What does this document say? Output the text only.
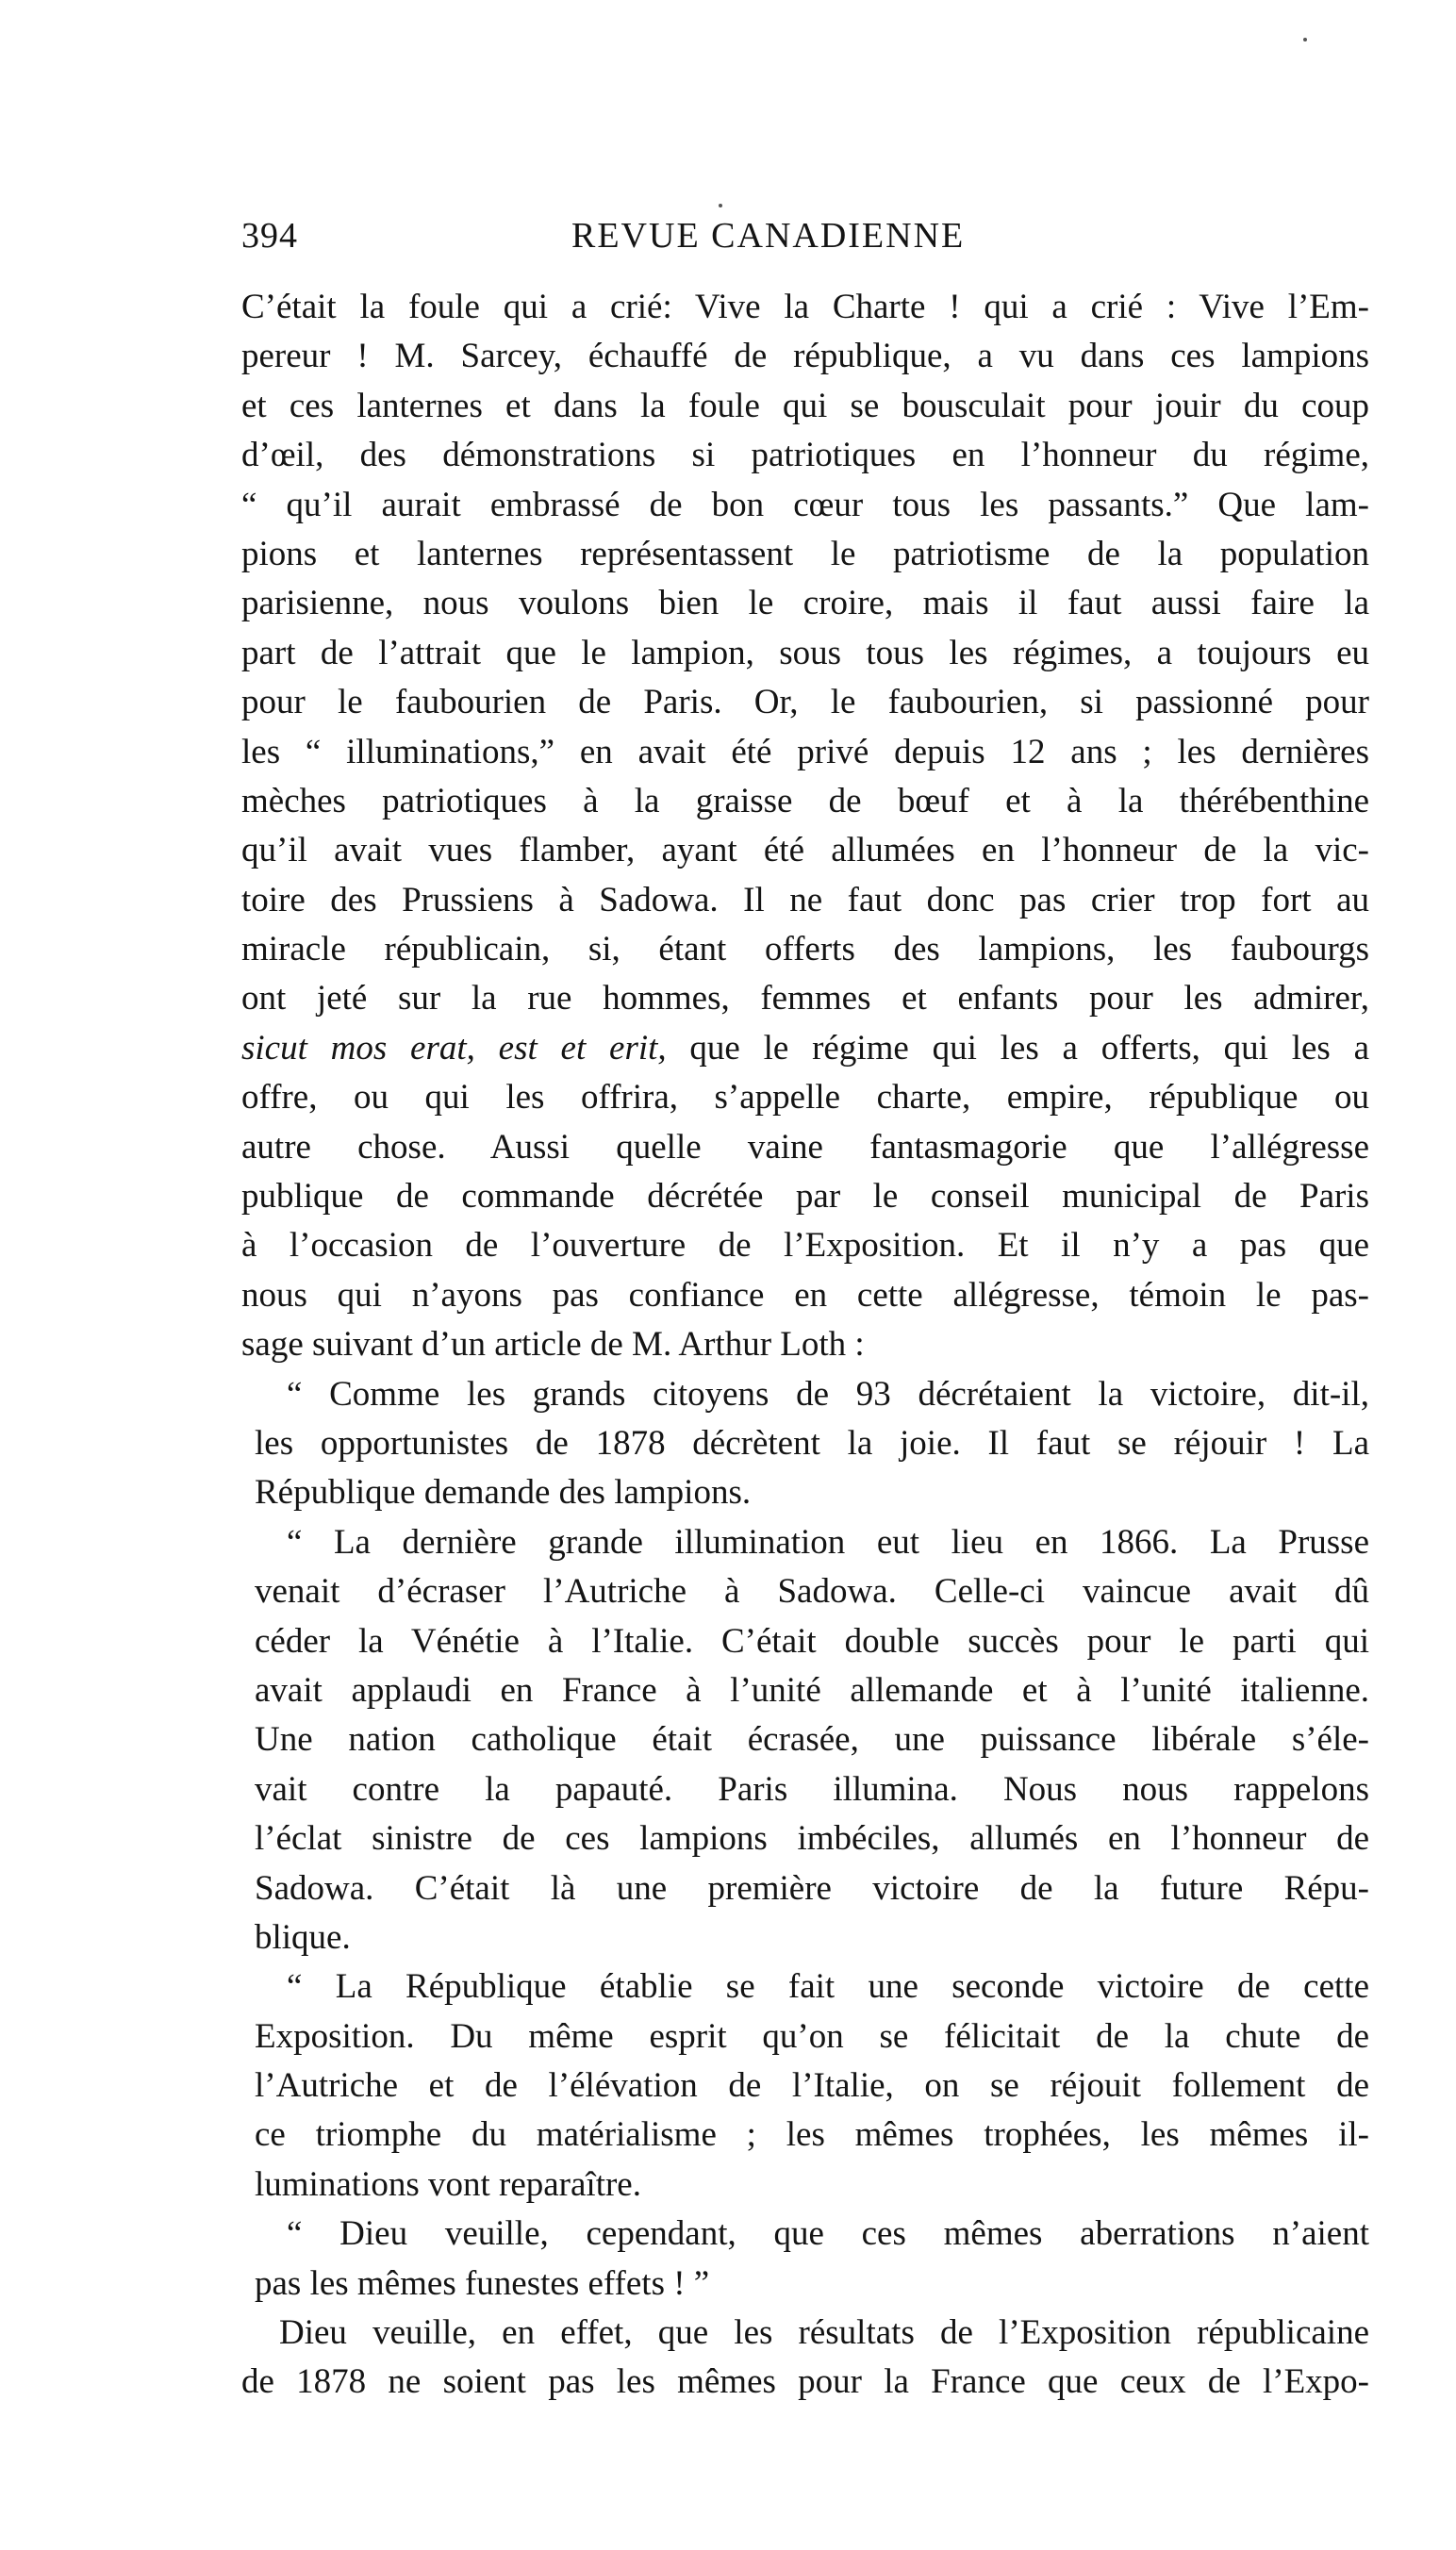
394	REVUE CANADIENNE
C’était la foule qui a crié: Vive la Charte ! qui a crié : Vive l’Em-
pereur ! M. Sarcey, échauffé de république, a vu dans ces lampions
et ces lanternes et dans la foule qui se bousculait pour jouir du coup
d’œil, des démonstrations si patriotiques en l’honneur du régime,
“ qu’il aurait embrassé de bon cœur tous les passants.” Que lam-
pions et lanternes représentassent le patriotisme de la population
parisienne, nous voulons bien le croire, mais il faut aussi faire la
part de l’attrait que le lampion, sous tous les régimes, a toujours eu
pour le faubourien de Paris. Or, le faubourien, si passionné pour
les “ illuminations,” en avait été privé depuis 12 ans ; les dernières
mèches patriotiques à la graisse de bœuf et à la thérébenthine
qu’il avait vues flamber, ayant été allumées en l’honneur de la vic-
toire des Prussiens à Sadowa. Il ne faut donc pas crier trop fort au
miracle républicain, si, étant offerts des lampions, les faubourgs
ont jeté sur la rue hommes, femmes et enfants pour les admirer,
sicut mos erat, est et erit, que le régime qui les a offerts, qui les a
offre, ou qui les offrira, s’appelle charte, empire, république ou
autre chose. Aussi quelle vaine fantasmagorie que l’allégresse
publique de commande décrétée par le conseil municipal de Paris
à l’occasion de l’ouverture de l’Exposition. Et il n’y a pas que
nous qui n’ayons pas confiance en cette allégresse, témoin le pas-
sage suivant d’un article de M. Arthur Loth :
“ Comme les grands citoyens de 93 décrétaient la victoire, dit-il,
les opportunistes de 1878 décrètent la joie. Il faut se réjouir ! La
République demande des lampions.
“ La dernière grande illumination eut lieu en 1866. La Prusse
venait d’écraser l’Autriche à Sadowa. Celle-ci vaincue avait dû
céder la Vénétie à l’Italie. C’était double succès pour le parti qui
avait applaudi en France à l’unité allemande et à l’unité italienne.
Une nation catholique était écrasée, une puissance libérale s’éle-
vait contre la papauté. Paris illumina. Nous nous rappelons
l’éclat sinistre de ces lampions imbéciles, allumés en l’honneur de
Sadowa. C’était là une première victoire de la future Répu-
blique.
“ La République établie se fait une seconde victoire de cette
Exposition. Du même esprit qu’on se félicitait de la chute de
l’Autriche et de l’élévation de l’Italie, on se réjouit follement de
ce triomphe du matérialisme ; les mêmes trophées, les mêmes il-
luminations vont reparaître.
“ Dieu veuille, cependant, que ces mêmes aberrations n’aient
pas les mêmes funestes effets ! ”
Dieu veuille, en effet, que les résultats de l’Exposition républicaine
de 1878 ne soient pas les mêmes pour la France que ceux de l’Expo-
